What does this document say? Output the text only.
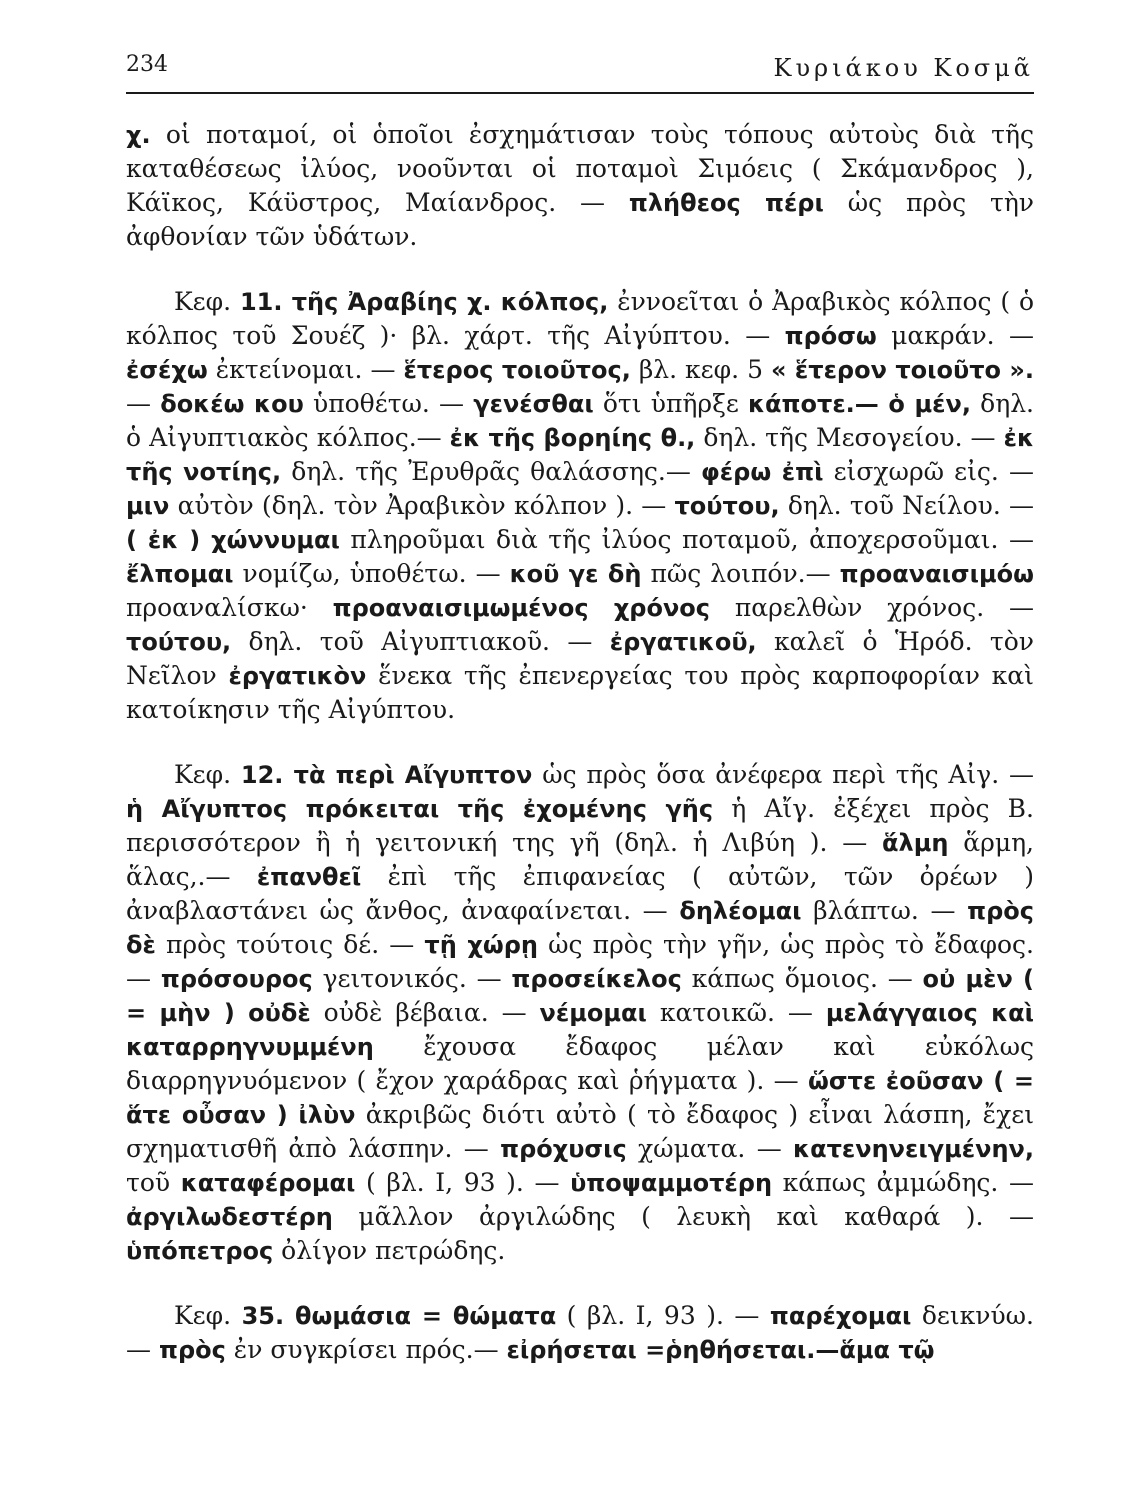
234	Κυριάκου Κοσμᾶ

χ. οἱ ποταμοί, οἱ ὁποῖοι ἐσχημάτισαν τοὺς τόπους αὐτοὺς διὰ τῆς καταθέσεως ἰλύος, νοοῦνται οἱ ποταμοὶ Σιμόεις ( Σκάμανδρος ), Κάϊκος, Κάϋστρος, Μαίανδρος. — πλήθεος πέρι ὡς πρὸς τὴν ἀφθονίαν τῶν ὑδάτων.

Κεφ. 11. τῆς Ἀραβίης χ. κόλπος, ἐννοεῖται ὁ Ἀραβικὸς κόλπος ( ὁ κόλπος τοῦ Σουέζ )· βλ. χάρτ. τῆς Αἰγύπτου. — πρόσω μακράν. — ἐσέχω ἐκτείνομαι. — ἕτερος τοιοῦτος, βλ. κεφ. 5 « ἕτερον τοιοῦτο ». — δοκέω κου ὑποθέτω. — γενέσθαι ὅτι ὑπῆρξε κάποτε.— ὁ μέν, δηλ. ὁ Αἰγυπτιακὸς κόλπος.— ἐκ τῆς βορηίης θ., δηλ. τῆς Μεσογείου. — ἐκ τῆς νοτίης, δηλ. τῆς Ἐρυθρᾶς θαλάσσης.— φέρω ἐπὶ εἰσχωρῶ εἰς. — μιν αὐτὸν (δηλ. τὸν Ἀραβικὸν κόλπον ). — τούτου, δηλ. τοῦ Νείλου. — ( ἐκ ) χώννυμαι πληροῦμαι διὰ τῆς ἰλύος ποταμοῦ, ἀποχερσοῦμαι. — ἔλπομαι νομίζω, ὑποθέτω. — κοῦ γε δὴ πῶς λοιπόν.— προαναισιμόω προαναλίσκω· προαναισιμωμένος χρόνος παρελθὼν χρόνος. — τούτου, δηλ. τοῦ Αἰγυπτιακοῦ. — ἐργατικοῦ, καλεῖ ὁ Ἡρόδ. τὸν Νεῖλον ἐργατικὸν ἕνεκα τῆς ἐπενεργείας του πρὸς καρποφορίαν καὶ κατοίκησιν τῆς Αἰγύπτου.

Κεφ. 12. τὰ περὶ Αἴγυπτον ὡς πρὸς ὅσα ἀνέφερα περὶ τῆς Αἰγ. — ἡ Αἴγυπτος πρόκειται τῆς ἐχομένης γῆς ἡ Αἴγ. ἐξέχει πρὸς Β. περισσότερον ἢ ἡ γειτονική της γῆ (δηλ. ἡ Λιβύη ). — ἅλμη ἅρμη, ἅλας,.— ἐπανθεῖ ἐπὶ τῆς ἐπιφανείας ( αὐτῶν, τῶν ὀρέων ) ἀναβλαστάνει ὡς ἄνθος, ἀναφαίνεται. — δηλέομαι βλάπτω. — πρὸς δὲ πρὸς τούτοις δέ. — τῇ χώρῃ ὡς πρὸς τὴν γῆν, ὡς πρὸς τὸ ἔδαφος. — πρόσουρος γειτονικός. — προσείκελος κάπως ὅμοιος. — οὐ μὲν ( = μὴν ) οὐδὲ οὐδὲ βέβαια. — νέμομαι κατοικῶ. — μελάγγαιος καὶ καταρρηγνυμμένη ἔχουσα ἔδαφος μέλαν καὶ εὐκόλως διαρρηγνυόμενον ( ἔχον χαράδρας καὶ ῥήγματα ). — ὥστε ἐοῦσαν ( = ἅτε οὖσαν ) ἰλὺν ἀκριβῶς διότι αὐτὸ ( τὸ ἔδαφος ) εἶναι λάσπη, ἔχει σχηματισθῆ ἀπὸ λάσπην. — πρόχυσις χώματα. — κατενηνειγμένην, τοῦ καταφέρομαι ( βλ. Ι, 93 ). — ὑποψαμμοτέρη κάπως ἀμμώδης. — ἀργιλωδεστέρη μᾶλλον ἀργιλώδης ( λευκὴ καὶ καθαρά ). — ὑπόπετρος ὀλίγον πετρώδης.

Κεφ. 35. θωμάσια = θώματα ( βλ. Ι, 93 ). — παρέχομαι δεικνύω. — πρὸς ἐν συγκρίσει πρός.— εἰρήσεται =ῥηθήσεται.—ἅμα τῷ
